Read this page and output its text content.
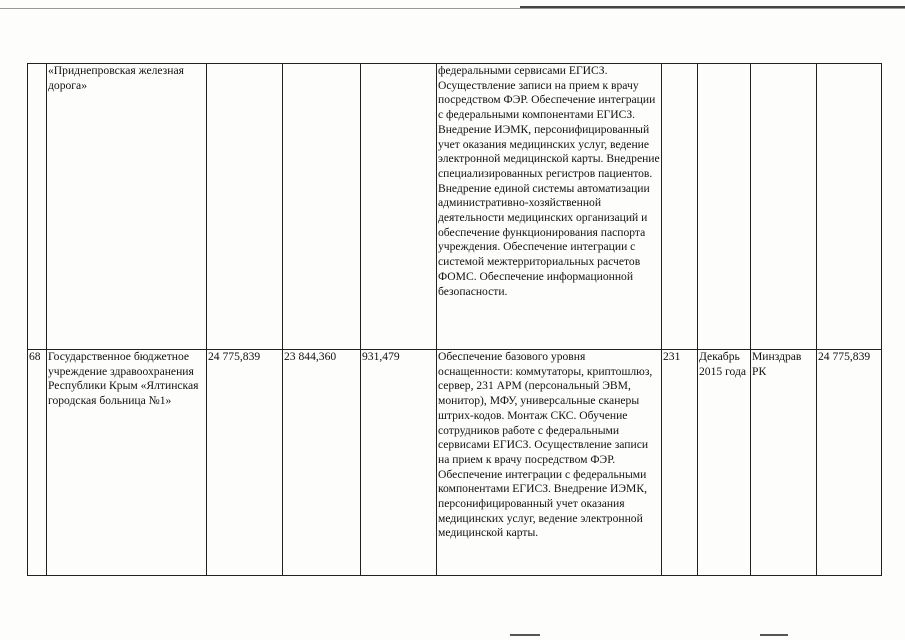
	«Приднепровская железная дорога»				федеральными сервисами ЕГИСЗ. Осуществление записи на прием к врачу посредством ФЭР. Обеспечение интеграции с федеральными компонентами ЕГИСЗ. Внедрение ИЭМК, персонифицированный учет оказания медицинских услуг, ведение электронной медицинской карты. Внедрение специализированных регистров пациентов. Внедрение единой системы автоматизации административно-хозяйственной деятельности медицинских организаций и обеспечение функционирования паспорта учреждения. Обеспечение интеграции с системой межтерриториальных расчетов ФОМС. Обеспечение информационной безопасности.				
68	Государственное бюджетное учреждение здравоохранения Республики Крым «Ялтинская городская больница №1»	24 775,839	23 844,360	931,479	Обеспечение базового уровня оснащенности: коммутаторы, криптошлюз, сервер, 231 АРМ (персональный ЭВМ, монитор), МФУ, универсальные сканеры штрих-кодов. Монтаж СКС. Обучение сотрудников работе с федеральными сервисами ЕГИСЗ. Осуществление записи на прием к врачу посредством ФЭР. Обеспечение интеграции с федеральными компонентами ЕГИСЗ. Внедрение ИЭМК, персонифицированный учет оказания медицинских услуг, ведение электронной медицинской карты.	231	Декабрь 2015 года	Минздрав РК	24 775,839
